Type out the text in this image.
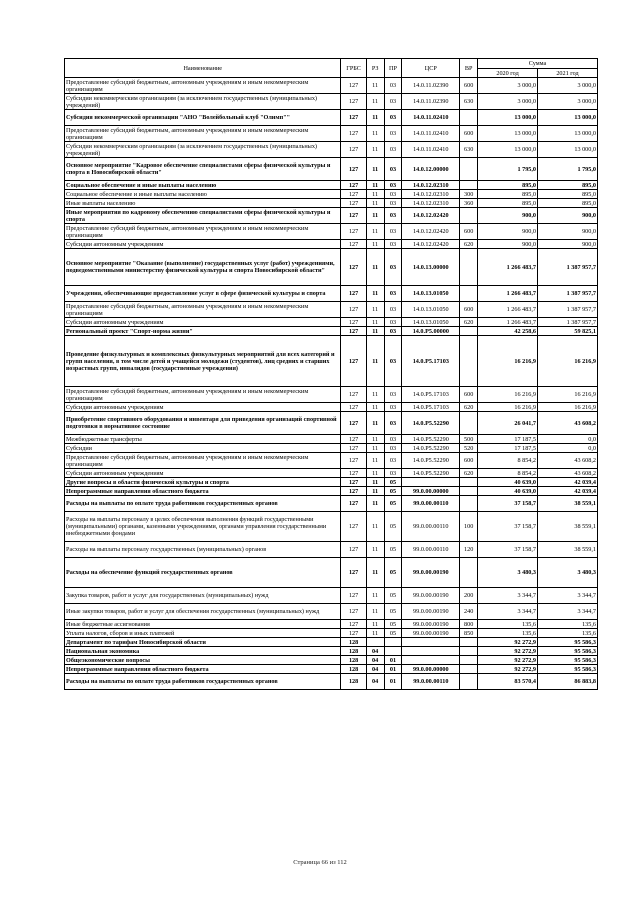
Наименование	ГРБС	РЗ	ПР	ЦСР	ВР	Сумма	
						2020 год	2021 год
Предоставление субсидий бюджетным, автономным учреждениям и иным некоммерческим организациям	127	11	03	14.0.11.02390	600	3 000,0	3 000,0
Субсидии некоммерческим организациям (за исключением государственных (муниципальных) учреждений)	127	11	03	14.0.11.02390	630	3 000,0	3 000,0
Субсидия некоммерческой организации "АНО "Волейбольный клуб "Олимп""	127	11	03	14.0.11.02410		13 000,0	13 000,0
Предоставление субсидий бюджетным, автономным учреждениям и иным некоммерческим организациям	127	11	03	14.0.11.02410	600	13 000,0	13 000,0
Субсидии некоммерческим организациям (за исключением государственных (муниципальных) учреждений)	127	11	03	14.0.11.02410	630	13 000,0	13 000,0
Основное мероприятие "Кадровое обеспечение специалистами сферы физической культуры и спорта в Новосибирской области"	127	11	03	14.0.12.00000		1 795,0	1 795,0
Социальное обеспечение и иные выплаты населению	127	11	03	14.0.12.02310		895,0	895,0
Социальное обеспечение и иные выплаты населению	127	11	03	14.0.12.02310	300	895,0	895,0
Иные выплаты населению	127	11	03	14.0.12.02310	360	895,0	895,0
Иные мероприятия по кадровому обеспечению специалистами сферы физической культуры и спорта	127	11	03	14.0.12.02420		900,0	900,0
Предоставление субсидий бюджетным, автономным учреждениям и иным некоммерческим организациям	127	11	03	14.0.12.02420	600	900,0	900,0
Субсидии автономным учреждениям	127	11	03	14.0.12.02420	620	900,0	900,0
Основное мероприятие "Оказание (выполнение) государственных услуг (работ) учреждениями, подведомственными министерству физической культуры и спорта Новосибирской области"	127	11	03	14.0.13.00000		1 266 483,7	1 387 957,7
Учреждения, обеспечивающие предоставление услуг в сфере физической культуры и спорта	127	11	03	14.0.13.01050		1 266 483,7	1 387 957,7
Предоставление субсидий бюджетным, автономным учреждениям и иным некоммерческим организациям	127	11	03	14.0.13.01050	600	1 266 483,7	1 387 957,7
Субсидии автономным учреждениям	127	11	03	14.0.13.01050	620	1 266 483,7	1 387 957,7
Региональный проект "Спорт-норма жизни"	127	11	03	14.0.P5.00000		42 258,6	59 825,1
Проведение физкультурных и комплексных физкультурных мероприятий для всех категорий и групп населения, в том числе детей и учащейся молодежи (студентов), лиц средних и старших возрастных групп, инвалидов (государственные учреждения)	127	11	03	14.0.P5.17103		16 216,9	16 216,9
Предоставление субсидий бюджетным, автономным учреждениям и иным некоммерческим организациям	127	11	03	14.0.P5.17103	600	16 216,9	16 216,9
Субсидии автономным учреждениям	127	11	03	14.0.P5.17103	620	16 216,9	16 216,9
Приобретение спортивного оборудования и инвентаря для приведения организаций спортивной подготовки в нормативное состояние	127	11	03	14.0.P5.52290		26 041,7	43 608,2
Межбюджетные трансферты	127	11	03	14.0.P5.52290	500	17 187,5	0,0
Субсидии	127	11	03	14.0.P5.52290	520	17 187,5	0,0
Предоставление субсидий бюджетным, автономным учреждениям и иным некоммерческим организациям	127	11	03	14.0.P5.52290	600	8 854,2	43 608,2
Субсидии автономным учреждениям	127	11	03	14.0.P5.52290	620	8 854,2	43 608,2
Другие вопросы в области физической культуры и спорта	127	11	05			40 639,0	42 039,4
Непрограммные направления областного бюджета	127	11	05	99.0.00.00000		40 639,0	42 039,4
Расходы на выплаты по оплате труда работников государственных органов	127	11	05	99.0.00.00110		37 158,7	38 559,1
Расходы на выплаты персоналу в целях обеспечения выполнения функций государственными (муниципальными) органами, казенными учреждениями, органами управления государственными внебюджетными фондами	127	11	05	99.0.00.00110	100	37 158,7	38 559,1
Расходы на выплаты персоналу государственных (муниципальных) органов	127	11	05	99.0.00.00110	120	37 158,7	38 559,1
Расходы на обеспечение функций государственных органов	127	11	05	99.0.00.00190		3 480,3	3 480,3
Закупка товаров, работ и услуг для государственных (муниципальных) нужд	127	11	05	99.0.00.00190	200	3 344,7	3 344,7
Иные закупки товаров, работ и услуг для обеспечения государственных (муниципальных) нужд	127	11	05	99.0.00.00190	240	3 344,7	3 344,7
Иные бюджетные ассигнования	127	11	05	99.0.00.00190	800	135,6	135,6
Уплата налогов, сборов и иных платежей	127	11	05	99.0.00.00190	850	135,6	135,6
Департамент по тарифам Новосибирской области	128					92 272,9	95 586,3
Национальная экономика	128	04				92 272,9	95 586,3
Общеэкономические вопросы	128	04	01			92 272,9	95 586,3
Непрограммные направления областного бюджета	128	04	01	99.0.00.00000		92 272,9	95 586,3
Расходы на выплаты по оплате труда работников государственных органов	128	04	01	99.0.00.00110		83 570,4	86 883,8
Страница 66 из 112
